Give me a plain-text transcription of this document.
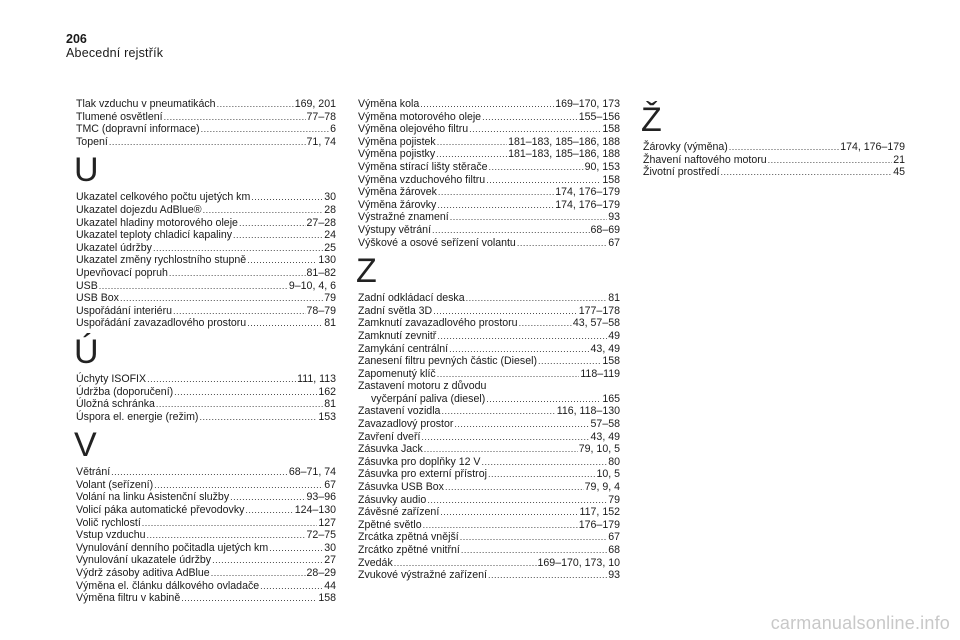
206
Abecední rejstřík
Tlak vzduchu v pneumatikách .....	169, 201
Tlumené osvětlení .....	77–78
TMC (dopravní informace) .....	6
Topení .....	71, 74
U
Ukazatel celkového počtu ujetých km .....	30
Ukazatel dojezdu AdBlue® .....	28
Ukazatel hladiny motorového oleje .....	27–28
Ukazatel teploty chladicí kapaliny .....	24
Ukazatel údržby .....	25
Ukazatel změny rychlostního stupně .....	130
Upevňovací popruh .....	81–82
USB .....	9–10, 4, 6
USB Box .....	79
Uspořádání interiéru .....	78–79
Uspořádání zavazadlového prostoru .....	81
Ú
Úchyty ISOFIX .....	111, 113
Údržba (doporučení) .....	162
Úložná schránka .....	81
Úspora el. energie (režim) .....	153
V
Větrání .....	68–71, 74
Volant (seřízení) .....	67
Volání na linku Asistenční služby .....	93–96
Volicí páka automatické převodovky .....	124–130
Volič rychlostí .....	127
Vstup vzduchu .....	72–75
Vynulování denního počitadla ujetých km .....	30
Vynulování ukazatele údržby .....	27
Výdrž zásoby aditiva AdBlue .....	28–29
Výměna el. článku dálkového ovladače .....	44
Výměna filtru v kabině .....	158
Výměna kola .....	169–170, 173
Výměna motorového oleje .....	155–156
Výměna olejového filtru .....	158
Výměna pojistek .....	181–183, 185–186, 188
Výměna pojistky .....	181–183, 185–186, 188
Výměna stírací lišty stěrače .....	90, 153
Výměna vzduchového filtru .....	158
Výměna žárovek .....	174, 176–179
Výměna žárovky .....	174, 176–179
Výstražné znamení .....	93
Výstupy větrání .....	68–69
Výškové a osové seřízení volantu .....	67
Z
Zadní odkládací deska .....	81
Zadní světla 3D .....	177–178
Zamknutí zavazadlového prostoru .....	43, 57–58
Zamknutí zevnitř .....	49
Zamykání centrální .....	43, 49
Zanesení filtru pevných částic (Diesel) .....	158
Zapomenutý klíč .....	118–119
Zastavení motoru z důvodu
vyčerpání paliva (diesel) .....	165
Zastavení vozidla .....	116, 118–130
Zavazadlový prostor .....	57–58
Zavření dveří .....	43, 49
Zásuvka Jack .....	79, 10, 5
Zásuvka pro doplňky 12 V .....	80
Zásuvka pro externí přístroj .....	10, 5
Zásuvka USB Box .....	79, 9, 4
Zásuvky audio .....	79
Závěsné zařízení .....	117, 152
Zpětné světlo .....	176–179
Zrcátka zpětná vnější .....	67
Zrcátko zpětné vnitřní .....	68
Zvedák .....	169–170, 173, 10
Zvukové výstražné zařízení .....	93
Ž
Žárovky (výměna) .....	174, 176–179
Žhavení naftového motoru .....	21
Životní prostředí .....	45
carmanualsonline.info
